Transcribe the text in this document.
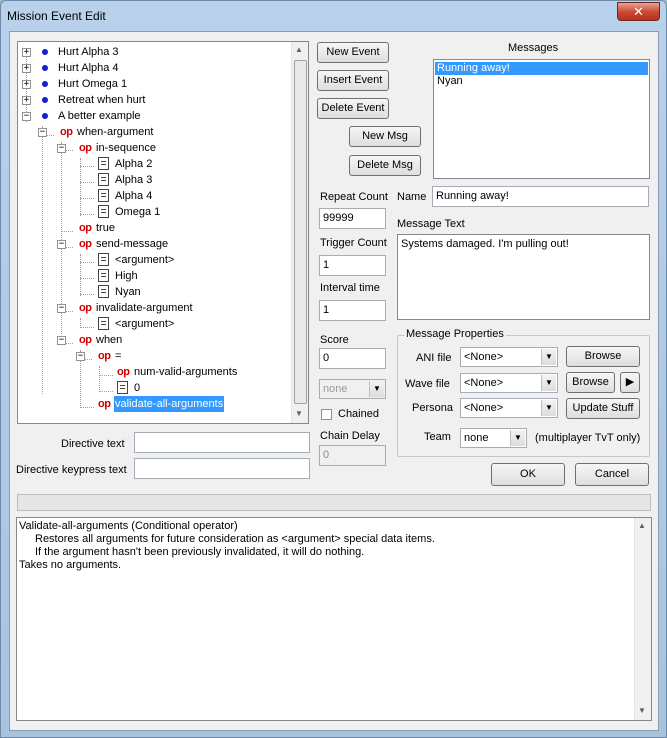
Mission Event Edit	✕
+	Hurt Alpha 3
+	Hurt Alpha 4
+	Hurt Omega 1
+	Retreat when hurt
−	A better example
− op when-argument
− op in-sequence
Alpha 2
Alpha 3
Alpha 4
Omega 1
op true
− op send-message
<argument>
High
Nyan
− op invalidate-argument
<argument>
− op when
− op =
op num-valid-arguments
0
op validate-all-arguments
▲
▼
Directive text
Directive keypress text
New Event
Insert Event
Delete Event
New Msg
Delete Msg
Messages
Running away!
Nyan
Repeat Count
99999
Trigger Count
1
Interval time
1
Score
0
none	▼
Chained
Chain Delay
0
Name Running away!
Message Text
Systems damaged. I'm pulling out!
Message Properties
ANI file	<None>	▼	Browse
Wave file	<None>	▼	Browse	▶
Persona	<None>	▼	Update Stuff
Team	none	▼ (multiplayer TvT only)
OK	Cancel
Validate-all-arguments (Conditional operator)
Restores all arguments for future consideration as <argument> special data items.
If the argument hasn't been previously invalidated, it will do nothing.
Takes no arguments.
▲
▼
